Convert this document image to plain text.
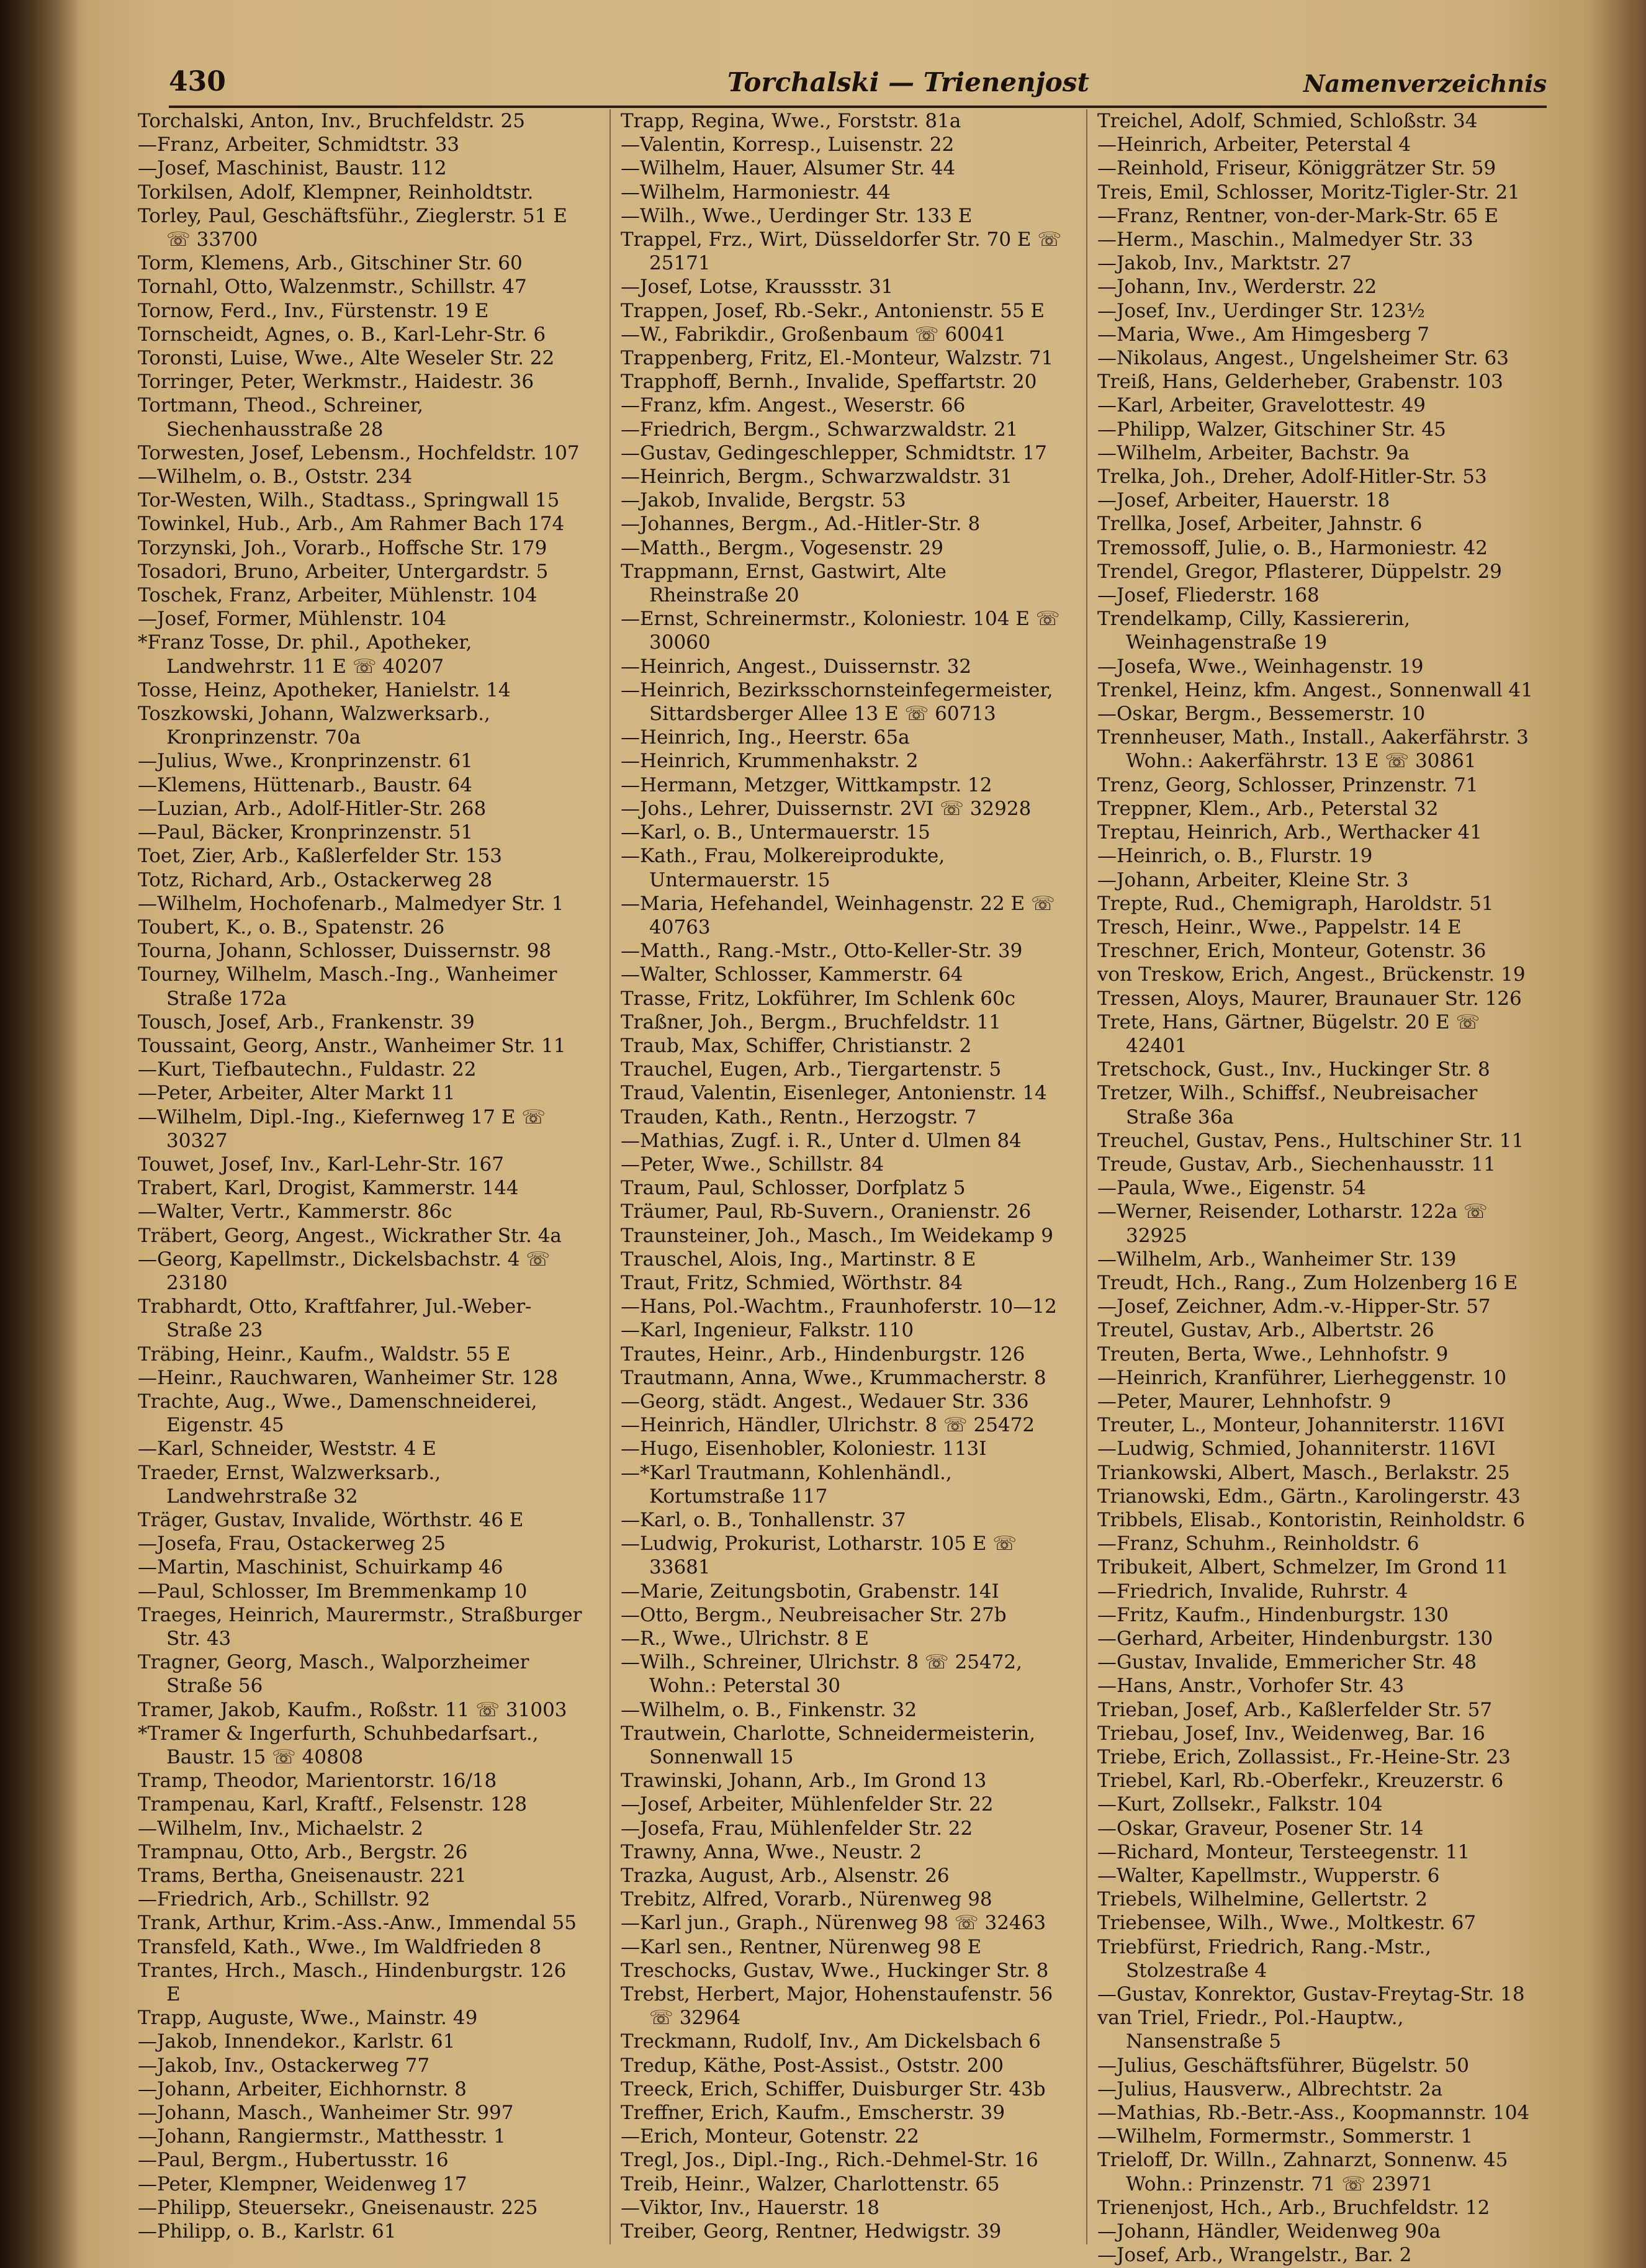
430	Torchalski — Trienenjost	Namenverzeichnis
Torchalski, Anton, Inv., Bruchfeldstr. 25
—Franz, Arbeiter, Schmidtstr. 33
—Josef, Maschinist, Baustr. 112
Torkilsen, Adolf, Klempner, Reinholdtstr.
Torley, Paul, Geschäftsführ., Zieglerstr. 51 E ☏ 33700
Torm, Klemens, Arb., Gitschiner Str. 60
Tornahl, Otto, Walzenmstr., Schillstr. 47
Tornow, Ferd., Inv., Fürstenstr. 19 E
Tornscheidt, Agnes, o. B., Karl-Lehr-Str. 6
Toronsti, Luise, Wwe., Alte Weseler Str. 22
Torringer, Peter, Werkmstr., Haidestr. 36
Tortmann, Theod., Schreiner, Siechenhausstraße 28
Torwesten, Josef, Lebensm., Hochfeldstr. 107
—Wilhelm, o. B., Oststr. 234
Tor-Westen, Wilh., Stadtass., Springwall 15
Towinkel, Hub., Arb., Am Rahmer Bach 174
Torzynski, Joh., Vorarb., Hoffsche Str. 179
Tosadori, Bruno, Arbeiter, Untergardstr. 5
Toschek, Franz, Arbeiter, Mühlenstr. 104
—Josef, Former, Mühlenstr. 104
*Franz Tosse, Dr. phil., Apotheker, Landwehrstr. 11 E ☏ 40207
Tosse, Heinz, Apotheker, Hanielstr. 14
Toszkowski, Johann, Walzwerksarb., Kronprinzenstr. 70a
—Julius, Wwe., Kronprinzenstr. 61
—Klemens, Hüttenarb., Baustr. 64
—Luzian, Arb., Adolf-Hitler-Str. 268
—Paul, Bäcker, Kronprinzenstr. 51
Toet, Zier, Arb., Kaßlerfelder Str. 153
Totz, Richard, Arb., Ostackerweg 28
—Wilhelm, Hochofenarb., Malmedyer Str. 1
Toubert, K., o. B., Spatenstr. 26
Tourna, Johann, Schlosser, Duissernstr. 98
Tourney, Wilhelm, Masch.-Ing., Wanheimer Straße 172a
Tousch, Josef, Arb., Frankenstr. 39
Toussaint, Georg, Anstr., Wanheimer Str. 11
—Kurt, Tiefbautechn., Fuldastr. 22
—Peter, Arbeiter, Alter Markt 11
—Wilhelm, Dipl.-Ing., Kiefernweg 17 E ☏ 30327
Touwet, Josef, Inv., Karl-Lehr-Str. 167
Trabert, Karl, Drogist, Kammerstr. 144
—Walter, Vertr., Kammerstr. 86c
Träbert, Georg, Angest., Wickrather Str. 4a
—Georg, Kapellmstr., Dickelsbachstr. 4 ☏ 23180
Trabhardt, Otto, Kraftfahrer, Jul.-Weber-Straße 23
Träbing, Heinr., Kaufm., Waldstr. 55 E
—Heinr., Rauchwaren, Wanheimer Str. 128
Trachte, Aug., Wwe., Damenschneiderei, Eigenstr. 45
—Karl, Schneider, Weststr. 4 E
Traeder, Ernst, Walzwerksarb., Landwehrstraße 32
Träger, Gustav, Invalide, Wörthstr. 46 E
—Josefa, Frau, Ostackerweg 25
—Martin, Maschinist, Schuirkamp 46
—Paul, Schlosser, Im Bremmenkamp 10
Traeges, Heinrich, Maurermstr., Straßburger Str. 43
Tragner, Georg, Masch., Walporzheimer Straße 56
Tramer, Jakob, Kaufm., Roßstr. 11 ☏ 31003
*Tramer & Ingerfurth, Schuhbedarfsart., Baustr. 15 ☏ 40808
Tramp, Theodor, Marientorstr. 16/18
Trampenau, Karl, Kraftf., Felsenstr. 128
—Wilhelm, Inv., Michaelstr. 2
Trampnau, Otto, Arb., Bergstr. 26
Trams, Bertha, Gneisenaustr. 221
—Friedrich, Arb., Schillstr. 92
Trank, Arthur, Krim.-Ass.-Anw., Immendal 55
Transfeld, Kath., Wwe., Im Waldfrieden 8
Trantes, Hrch., Masch., Hindenburgstr. 126 E
Trapp, Auguste, Wwe., Mainstr. 49
—Jakob, Innendekor., Karlstr. 61
—Jakob, Inv., Ostackerweg 77
—Johann, Arbeiter, Eichhornstr. 8
—Johann, Masch., Wanheimer Str. 997
—Johann, Rangiermstr., Matthesstr. 1
—Paul, Bergm., Hubertusstr. 16
—Peter, Klempner, Weidenweg 17
—Philipp, Steuersekr., Gneisenaustr. 225
—Philipp, o. B., Karlstr. 61
Trapp, Regina, Wwe., Forststr. 81a
—Valentin, Korresp., Luisenstr. 22
—Wilhelm, Hauer, Alsumer Str. 44
—Wilhelm, Harmoniestr. 44
—Wilh., Wwe., Uerdinger Str. 133 E
Trappel, Frz., Wirt, Düsseldorfer Str. 70 E ☏ 25171
—Josef, Lotse, Kraussstr. 31
Trappen, Josef, Rb.-Sekr., Antonienstr. 55 E
—W., Fabrikdir., Großenbaum ☏ 60041
Trappenberg, Fritz, El.-Monteur, Walzstr. 71
Trapphoff, Bernh., Invalide, Speffartstr. 20
—Franz, kfm. Angest., Weserstr. 66
—Friedrich, Bergm., Schwarzwaldstr. 21
—Gustav, Gedingeschlepper, Schmidtstr. 17
—Heinrich, Bergm., Schwarzwaldstr. 31
—Jakob, Invalide, Bergstr. 53
—Johannes, Bergm., Ad.-Hitler-Str. 8
—Matth., Bergm., Vogesenstr. 29
Trappmann, Ernst, Gastwirt, Alte Rheinstraße 20
—Ernst, Schreinermstr., Koloniestr. 104 E ☏ 30060
—Heinrich, Angest., Duissernstr. 32
—Heinrich, Bezirksschornsteinfegermeister, Sittardsberger Allee 13 E ☏ 60713
—Heinrich, Ing., Heerstr. 65a
—Heinrich, Krummenhakstr. 2
—Hermann, Metzger, Wittkampstr. 12
—Johs., Lehrer, Duissernstr. 2VI ☏ 32928
—Karl, o. B., Untermauerstr. 15
—Kath., Frau, Molkereiprodukte, Untermauerstr. 15
—Maria, Hefehandel, Weinhagenstr. 22 E ☏ 40763
—Matth., Rang.-Mstr., Otto-Keller-Str. 39
—Walter, Schlosser, Kammerstr. 64
Trasse, Fritz, Lokführer, Im Schlenk 60c
Traßner, Joh., Bergm., Bruchfeldstr. 11
Traub, Max, Schiffer, Christianstr. 2
Trauchel, Eugen, Arb., Tiergartenstr. 5
Traud, Valentin, Eisenleger, Antonienstr. 14
Trauden, Kath., Rentn., Herzogstr. 7
—Mathias, Zugf. i. R., Unter d. Ulmen 84
—Peter, Wwe., Schillstr. 84
Traum, Paul, Schlosser, Dorfplatz 5
Träumer, Paul, Rb-Suvern., Oranienstr. 26
Traunsteiner, Joh., Masch., Im Weidekamp 9
Trauschel, Alois, Ing., Martinstr. 8 E
Traut, Fritz, Schmied, Wörthstr. 84
—Hans, Pol.-Wachtm., Fraunhoferstr. 10—12
—Karl, Ingenieur, Falkstr. 110
Trautes, Heinr., Arb., Hindenburgstr. 126
Trautmann, Anna, Wwe., Krummacherstr. 8
—Georg, städt. Angest., Wedauer Str. 336
—Heinrich, Händler, Ulrichstr. 8 ☏ 25472
—Hugo, Eisenhobler, Koloniestr. 113I
—*Karl Trautmann, Kohlenhändl., Kortumstraße 117
—Karl, o. B., Tonhallenstr. 37
—Ludwig, Prokurist, Lotharstr. 105 E ☏ 33681
—Marie, Zeitungsbotin, Grabenstr. 14I
—Otto, Bergm., Neubreisacher Str. 27b
—R., Wwe., Ulrichstr. 8 E
—Wilh., Schreiner, Ulrichstr. 8 ☏ 25472, Wohn.: Peterstal 30
—Wilhelm, o. B., Finkenstr. 32
Trautwein, Charlotte, Schneidermeisterin, Sonnenwall 15
Trawinski, Johann, Arb., Im Grond 13
—Josef, Arbeiter, Mühlenfelder Str. 22
—Josefa, Frau, Mühlenfelder Str. 22
Trawny, Anna, Wwe., Neustr. 2
Trazka, August, Arb., Alsenstr. 26
Trebitz, Alfred, Vorarb., Nürenweg 98
—Karl jun., Graph., Nürenweg 98 ☏ 32463
—Karl sen., Rentner, Nürenweg 98 E
Treschocks, Gustav, Wwe., Huckinger Str. 8
Trebst, Herbert, Major, Hohenstaufenstr. 56 ☏ 32964
Treckmann, Rudolf, Inv., Am Dickelsbach 6
Tredup, Käthe, Post-Assist., Oststr. 200
Treeck, Erich, Schiffer, Duisburger Str. 43b
Treffner, Erich, Kaufm., Emscherstr. 39
—Erich, Monteur, Gotenstr. 22
Tregl, Jos., Dipl.-Ing., Rich.-Dehmel-Str. 16
Treib, Heinr., Walzer, Charlottenstr. 65
—Viktor, Inv., Hauerstr. 18
Treiber, Georg, Rentner, Hedwigstr. 39
Treichel, Adolf, Schmied, Schloßstr. 34
—Heinrich, Arbeiter, Peterstal 4
—Reinhold, Friseur, Königgrätzer Str. 59
Treis, Emil, Schlosser, Moritz-Tigler-Str. 21
—Franz, Rentner, von-der-Mark-Str. 65 E
—Herm., Maschin., Malmedyer Str. 33
—Jakob, Inv., Marktstr. 27
—Johann, Inv., Werderstr. 22
—Josef, Inv., Uerdinger Str. 123½
—Maria, Wwe., Am Himgesberg 7
—Nikolaus, Angest., Ungelsheimer Str. 63
Treiß, Hans, Gelderheber, Grabenstr. 103
—Karl, Arbeiter, Gravelottestr. 49
—Philipp, Walzer, Gitschiner Str. 45
—Wilhelm, Arbeiter, Bachstr. 9a
Trelka, Joh., Dreher, Adolf-Hitler-Str. 53
—Josef, Arbeiter, Hauerstr. 18
Trellka, Josef, Arbeiter, Jahnstr. 6
Tremossoff, Julie, o. B., Harmoniestr. 42
Trendel, Gregor, Pflasterer, Düppelstr. 29
—Josef, Fliederstr. 168
Trendelkamp, Cilly, Kassiererin, Weinhagenstraße 19
—Josefa, Wwe., Weinhagenstr. 19
Trenkel, Heinz, kfm. Angest., Sonnenwall 41
—Oskar, Bergm., Bessemerstr. 10
Trennheuser, Math., Install., Aakerfährstr. 3 Wohn.: Aakerfährstr. 13 E ☏ 30861
Trenz, Georg, Schlosser, Prinzenstr. 71
Treppner, Klem., Arb., Peterstal 32
Treptau, Heinrich, Arb., Werthacker 41
—Heinrich, o. B., Flurstr. 19
—Johann, Arbeiter, Kleine Str. 3
Trepte, Rud., Chemigraph, Haroldstr. 51
Tresch, Heinr., Wwe., Pappelstr. 14 E
Treschner, Erich, Monteur, Gotenstr. 36
von Treskow, Erich, Angest., Brückenstr. 19
Tressen, Aloys, Maurer, Braunauer Str. 126
Trete, Hans, Gärtner, Bügelstr. 20 E ☏ 42401
Tretschock, Gust., Inv., Huckinger Str. 8
Tretzer, Wilh., Schiffsf., Neubreisacher Straße 36a
Treuchel, Gustav, Pens., Hultschiner Str. 11
Treude, Gustav, Arb., Siechenhausstr. 11
—Paula, Wwe., Eigenstr. 54
—Werner, Reisender, Lotharstr. 122a ☏ 32925
—Wilhelm, Arb., Wanheimer Str. 139
Treudt, Hch., Rang., Zum Holzenberg 16 E
—Josef, Zeichner, Adm.-v.-Hipper-Str. 57
Treutel, Gustav, Arb., Albertstr. 26
Treuten, Berta, Wwe., Lehnhofstr. 9
—Heinrich, Kranführer, Lierheggenstr. 10
—Peter, Maurer, Lehnhofstr. 9
Treuter, L., Monteur, Johanniterstr. 116VI
—Ludwig, Schmied, Johanniterstr. 116VI
Triankowski, Albert, Masch., Berlakstr. 25
Trianowski, Edm., Gärtn., Karolingerstr. 43
Tribbels, Elisab., Kontoristin, Reinholdstr. 6
—Franz, Schuhm., Reinholdstr. 6
Tribukeit, Albert, Schmelzer, Im Grond 11
—Friedrich, Invalide, Ruhrstr. 4
—Fritz, Kaufm., Hindenburgstr. 130
—Gerhard, Arbeiter, Hindenburgstr. 130
—Gustav, Invalide, Emmericher Str. 48
—Hans, Anstr., Vorhofer Str. 43
Trieban, Josef, Arb., Kaßlerfelder Str. 57
Triebau, Josef, Inv., Weidenweg, Bar. 16
Triebe, Erich, Zollassist., Fr.-Heine-Str. 23
Triebel, Karl, Rb.-Oberfekr., Kreuzerstr. 6
—Kurt, Zollsekr., Falkstr. 104
—Oskar, Graveur, Posener Str. 14
—Richard, Monteur, Tersteegenstr. 11
—Walter, Kapellmstr., Wupperstr. 6
Triebels, Wilhelmine, Gellertstr. 2
Triebensee, Wilh., Wwe., Moltkestr. 67
Triebfürst, Friedrich, Rang.-Mstr., Stolzestraße 4
—Gustav, Konrektor, Gustav-Freytag-Str. 18
van Triel, Friedr., Pol.-Hauptw., Nansenstraße 5
—Julius, Geschäftsführer, Bügelstr. 50
—Julius, Hausverw., Albrechtstr. 2a
—Mathias, Rb.-Betr.-Ass., Koopmannstr. 104
—Wilhelm, Formermstr., Sommerstr. 1
Trieloff, Dr. Willn., Zahnarzt, Sonnenw. 45 Wohn.: Prinzenstr. 71 ☏ 23971
Trienenjost, Hch., Arb., Bruchfeldstr. 12
—Johann, Händler, Weidenweg 90a
—Josef, Arb., Wrangelstr., Bar. 2
